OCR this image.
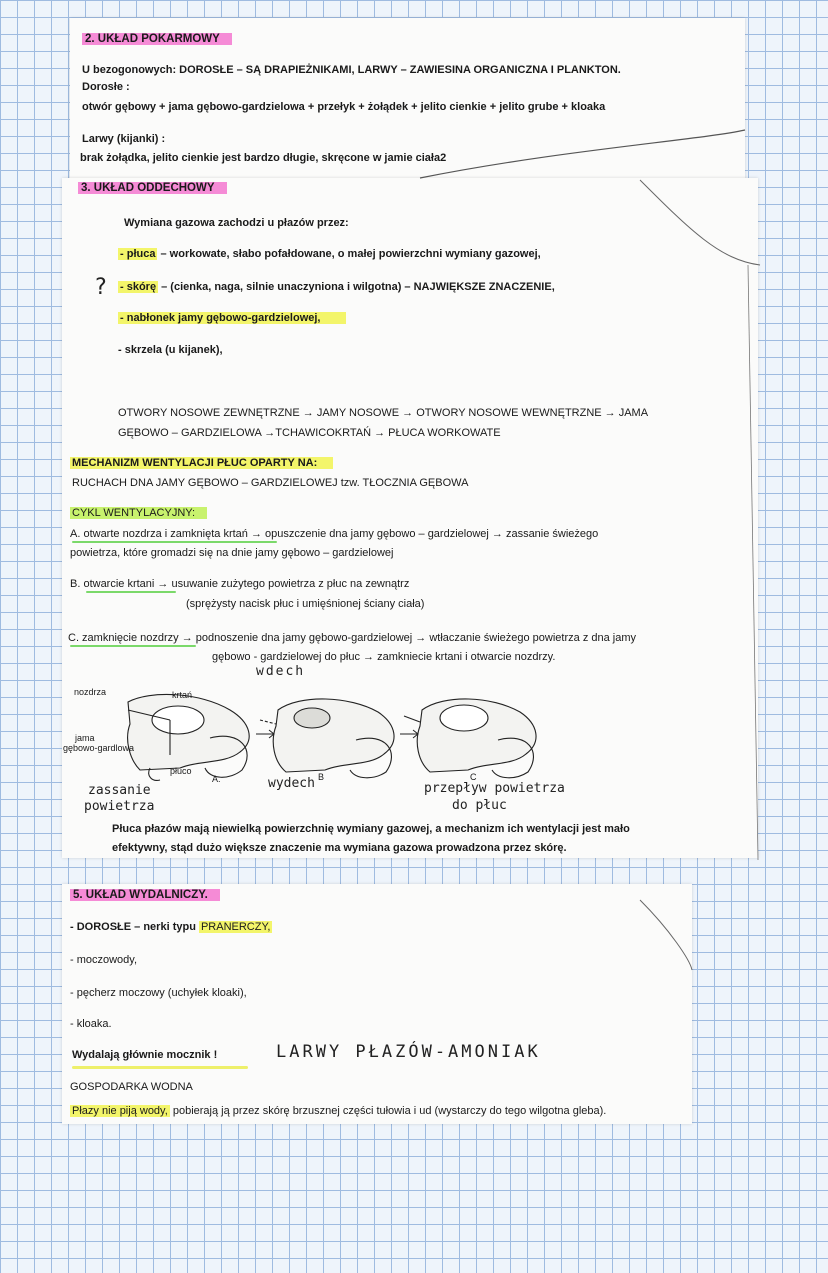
2. UKŁAD POKARMOWY
U bezogonowych: DOROSŁE – SĄ DRAPIEŻNIKAMI, LARWY – ZAWIESINA ORGANICZNA I PLANKTON.
Dorosłe :
otwór gębowy + jama gębowo-gardzielowa + przełyk + żołądek + jelito cienkie + jelito grube + kloaka
Larwy (kijanki) :
brak żołądka, jelito cienkie jest bardzo długie, skręcone w jamie ciała2
3. UKŁAD ODDECHOWY
Wymiana gazowa zachodzi u płazów przez:
- płuca – workowate, słabo pofałdowane, o małej powierzchni wymiany gazowej,
? - skórę – (cienka, naga, silnie unaczyniona i wilgotna) – NAJWIĘKSZE ZNACZENIE,
- nabłonek jamy gębowo-gardzielowej,
- skrzela (u kijanek),
OTWORY NOSOWE ZEWNĘTRZNE → JAMY NOSOWE → OTWORY NOSOWE WEWNĘTRZNE → JAMA
GĘBOWO – GARDZIELOWA →TCHAWICOKRTAŃ → PŁUCA WORKOWATE
MECHANIZM WENTYLACJI PŁUC OPARTY NA:
RUCHACH DNA JAMY GĘBOWO – GARDZIELOWEJ tzw. TŁOCZNIA GĘBOWA
CYKL WENTYLACYJNY:
A. otwarte nozdrza i zamknięta krtań → opuszczenie dna jamy gębowo – gardzielowej → zassanie świeżego
powietrza, które gromadzi się na dnie jamy gębowo – gardzielowej
B. otwarcie krtani → usuwanie zużytego powietrza z płuc na zewnątrz
(sprężysty nacisk płuc i umięśnionej ściany ciała)
C. zamknięcie nozdrzy → podnoszenie dna jamy gębowo-gardzielowej → wtłaczanie świeżego powietrza z dna jamy
gębowo - gardzielowej do płuc → zamkniecie krtani i otwarcie nozdrzy.
wdech
nozdrza	krtań
jama
gębowo-gardlowa
płuco
A.	B	C
zassanie
powietrza
wydech	przepływ powietrza
do płuc
Płuca płazów mają niewielką powierzchnię wymiany gazowej, a mechanizm ich wentylacji jest mało
efektywny, stąd dużo większe znaczenie ma wymiana gazowa prowadzona przez skórę.
5. UKŁAD WYDALNICZY.
- DOROSŁE – nerki typu PRANERCZY,
- moczowody,
- pęcherz moczowy (uchyłek kloaki),
- kloaka.
Wydalają głównie mocznik !	LARWY PŁAZÓW-AMONIAK
GOSPODARKA WODNA
Płazy nie piją wody, pobierają ją przez skórę brzusznej części tułowia i ud (wystarczy do tego wilgotna gleba).
